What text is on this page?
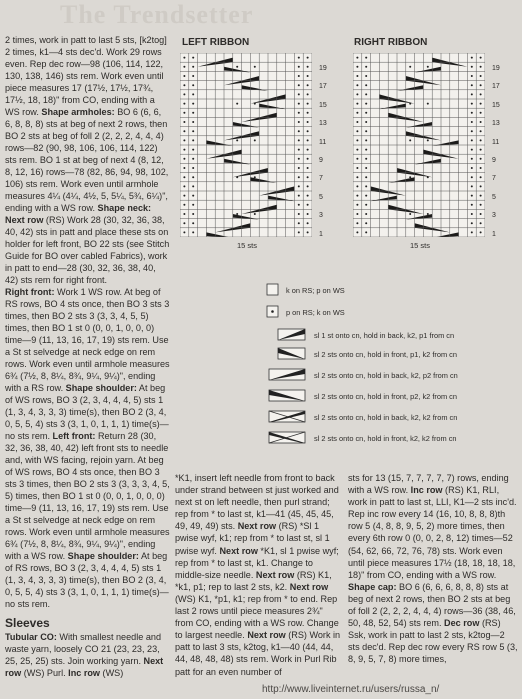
The Trendsetter

2 times, work in patt to last 5 sts, [k2tog] 2 times, k1—4 sts dec'd. Work 29 rows even. Rep dec row—98 (106, 114, 122, 130, 138, 146) sts rem. Work even until piece measures 17 (17½, 17½, 17¾, 17½, 18, 18)" from CO, ending with a WS row. Shape armholes: BO 6 (6, 6, 6, 8, 8, 8) sts at beg of next 2 rows, then BO 2 sts at beg of foll 2 (2, 2, 2, 4, 4, 4) rows—82 (90, 98, 106, 106, 114, 122) sts rem. BO 1 st at beg of next 4 (8, 12, 8, 12, 16) rows—78 (82, 86, 94, 98, 102, 106) sts rem. Work even until armhole measures 4¼ (4¼, 4½, 5, 5¼, 5¾, 6¼)", ending with a WS row. Shape neck: Next row (RS) Work 28 (30, 32, 36, 38, 40, 42) sts in patt and place these sts on holder for left front, BO 22 sts (see Stitch Guide for BO over cabled Fabrics), work in patt to end—28 (30, 32, 36, 38, 40, 42) sts rem for right front.

Right front: Work 1 WS row. At beg of RS rows, BO 4 sts once, then BO 3 sts 3 times, then BO 2 sts 3 (3, 3, 4, 5, 5) times, then BO 1 st 0 (0, 0, 1, 0, 0, 0) time—9 (11, 13, 16, 17, 19) sts rem. Use a St st selvedge at neck edge on rem rows. Work even until armhole measures 6¾ (7½, 8, 8¼, 8¾, 9¼, 9¼)", ending with a RS row. Shape shoulder: At beg of WS rows, BO 3 (2, 3, 4, 4, 4, 5) sts 1 (1, 3, 4, 3, 3, 3) time(s), then BO 2 (3, 4, 0, 5, 5, 4) sts 3 (3, 1, 0, 1, 1, 1) time(s)—no sts rem. Left front: Return 28 (30, 32, 36, 38, 40, 42) left front sts to needle and, with WS facing, rejoin yarn. At beg of WS rows, BO 4 sts once, then BO 3 sts 3 times, then BO 2 sts 3 (3, 3, 3, 4, 5, 5) times, then BO 1 st 0 (0, 0, 1, 0, 0, 0) time—9 (11, 13, 16, 17, 19) sts rem. Use a St st selvedge at neck edge on rem rows. Work even until armhole measures 6¾ (7½, 8, 8¼, 8¾, 9¼, 9¼)", ending with a WS row. Shape shoulder: At beg of RS rows, BO 3 (2, 3, 4, 4, 4, 5) sts 1 (1, 3, 4, 3, 3, 3) time(s), then BO 2 (3, 4, 0, 5, 5, 4) sts 3 (3, 1, 0, 1, 1, 1) time(s)—no sts rem.

Sleeves

Tubular CO: With smallest needle and waste yarn, loosely CO 21 (23, 23, 23, 25, 25, 25) sts. Join working yarn. Next row (WS) Purl. Inc row (WS)

LEFT RIBBON	RIGHT RIBBON
19
17
15
13
11
9
7
5
3
1
19
17
15
13
11
9
7
5
3
1
15 sts	15 sts
k on RS; p on WS
p on RS; k on WS
sl 1 st onto cn, hold in back, k2, p1 from cn
sl 2 sts onto cn, hold in front, p1, k2 from cn
sl 2 sts onto cn, hold in back, k2, p2 from cn
sl 2 sts onto cn, hold in front, p2, k2 from cn
sl 2 sts onto cn, hold in back, k2, k2 from cn
sl 2 sts onto cn, hold in front, k2, k2 from cn

*K1, insert left needle from front to back under strand between st just worked and next st on left needle, then purl strand; rep from * to last st, k1—41 (45, 45, 45, 49, 49, 49) sts. Next row (RS) *Sl 1 pwise wyf, k1; rep from * to last st, sl 1 pwise wyf. Next row *K1, sl 1 pwise wyf; rep from * to last st, k1. Change to middle-size needle. Next row (RS) K1, *k1, p1; rep to last 2 sts, k2. Next row (WS) K1, *p1, k1; rep from * to end. Rep last 2 rows until piece measures 2¾" from CO, ending with a WS row. Change to largest needle. Next row (RS) Work in patt to last 3 sts, k2tog, k1—40 (44, 44, 44, 48, 48, 48) sts rem. Work in Purl Rib patt for an even number of

sts for 13 (15, 7, 7, 7, 7, 7) rows, ending with a WS row. Inc row (RS) K1, RLI, work in patt to last st, LLI, K1—2 sts inc'd. Rep inc row every 14 (16, 10, 8, 8, 8)th row 5 (4, 8, 8, 9, 5, 2) more times, then every 6th row 0 (0, 0, 2, 8, 12) times—52 (54, 62, 66, 72, 76, 78) sts. Work even until piece measures 17½ (18, 18, 18, 18, 18)" from CO, ending with a WS row. Shape cap: BO 6 (6, 6, 6, 8, 8, 8) sts at beg of next 2 rows, then BO 2 sts at beg of foll 2 (2, 2, 2, 4, 4, 4) rows—36 (38, 46, 50, 48, 52, 54) sts rem. Dec row (RS) Ssk, work in patt to last 2 sts, k2tog—2 sts dec'd. Rep dec row every RS row 5 (3, 8, 9, 5, 7, 8) more times,

http://www.liveinternet.ru/users/russa_n/
